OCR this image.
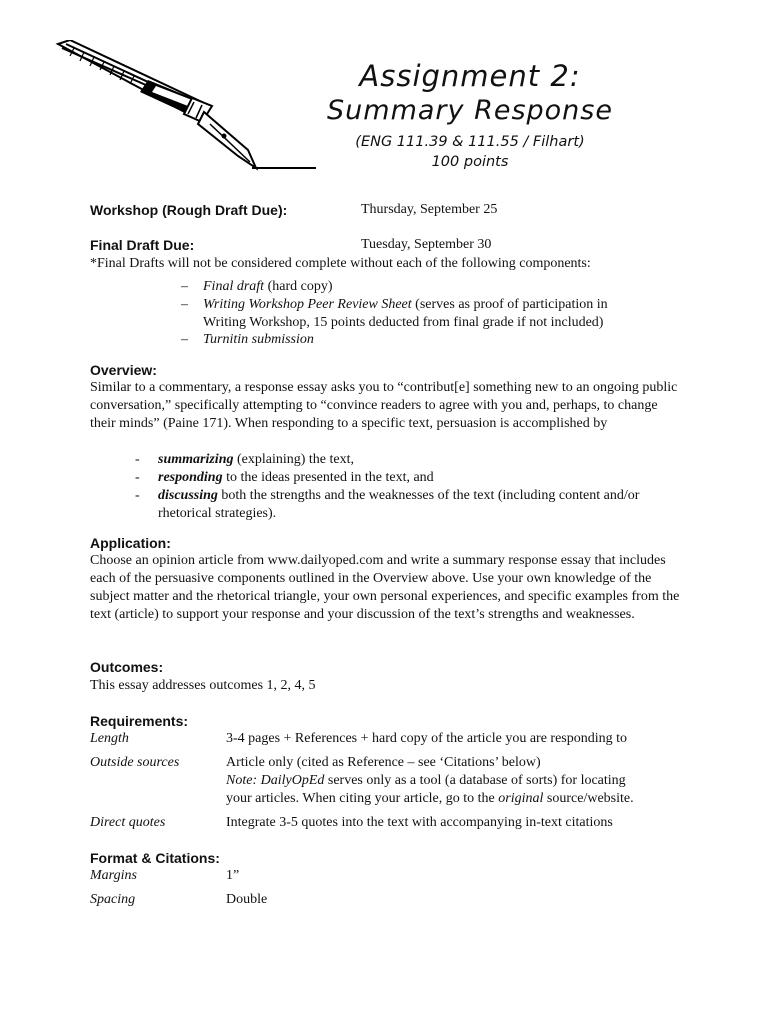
Assignment 2:
Summary Response
(ENG 111.39 & 111.55 / Filhart)
100 points
Workshop (Rough Draft Due):	Thursday, September 25
Final Draft Due:	Tuesday, September 30
*Final Drafts will not be considered complete without each of the following components:
– Final draft (hard copy)
– Writing Workshop Peer Review Sheet (serves as proof of participation in
Writing Workshop, 15 points deducted from final grade if not included)
– Turnitin submission
Overview:
Similar to a commentary, a response essay asks you to “contribut[e] something new to an ongoing public conversation,” specifically attempting to “convince readers to agree with you and, perhaps, to change their minds” (Paine 171). When responding to a specific text, persuasion is accomplished by
- summarizing (explaining) the text,
- responding to the ideas presented in the text, and
- discussing both the strengths and the weaknesses of the text (including content and/or
rhetorical strategies).
Application:
Choose an opinion article from www.dailyoped.com and write a summary response essay that includes each of the persuasive components outlined in the Overview above. Use your own knowledge of the subject matter and the rhetorical triangle, your own personal experiences, and specific examples from the text (article) to support your response and your discussion of the text’s strengths and weaknesses.
Outcomes:
This essay addresses outcomes 1, 2, 4, 5
Requirements:
Length	3-4 pages + References + hard copy of the article you are responding to
Outside sources	Article only (cited as Reference – see ‘Citations’ below)
Note: DailyOpEd serves only as a tool (a database of sorts) for locating
your articles. When citing your article, go to the original source/website.
Direct quotes	Integrate 3-5 quotes into the text with accompanying in-text citations
Format & Citations:
Margins	1”
Spacing	Double
